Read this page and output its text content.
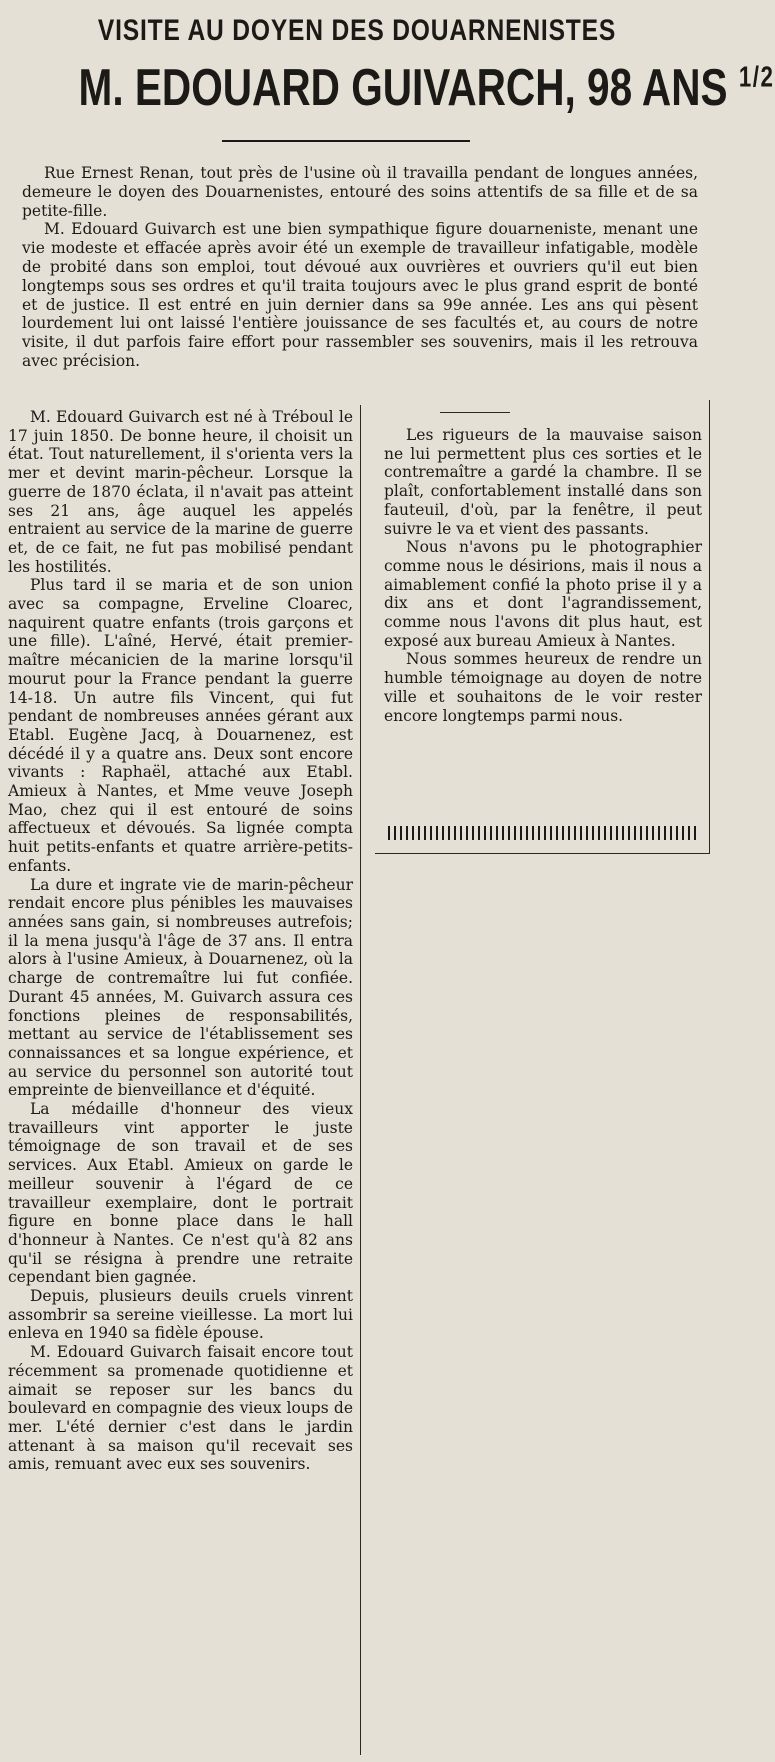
VISITE AU DOYEN DES DOUARNENISTES
M. EDOUARD GUIVARCH, 98 ANS $^{1/2}$

Rue Ernest Renan, tout près de l'usine où il travailla pendant de longues années, demeure le doyen des Douarnenistes, entouré des soins attentifs de sa fille et de sa petite-fille.

M. Edouard Guivarch est une bien sympathique figure douarneniste, menant une vie modeste et effacée après avoir été un exemple de travailleur infatigable, modèle de probité dans son emploi, tout dévoué aux ouvrières et ouvriers qu'il eut bien longtemps sous ses ordres et qu'il traita toujours avec le plus grand esprit de bonté et de justice. Il est entré en juin dernier dans sa 99e année. Les ans qui pèsent lourdement lui ont laissé l'entière jouissance de ses facultés et, au cours de notre visite, il dut parfois faire effort pour rassembler ses souvenirs, mais il les retrouva avec précision.

M. Edouard Guivarch est né à Tréboul le 17 juin 1850. De bonne heure, il choisit un état. Tout naturellement, il s'orienta vers la mer et devint marin-pêcheur. Lorsque la guerre de 1870 éclata, il n'avait pas atteint ses 21 ans, âge auquel les appelés entraient au service de la marine de guerre et, de ce fait, ne fut pas mobilisé pendant les hostilités.

Plus tard il se maria et de son union avec sa compagne, Erveline Cloarec, naquirent quatre enfants (trois garçons et une fille). L'aîné, Hervé, était premier-maître mécanicien de la marine lorsqu'il mourut pour la France pendant la guerre 14-18. Un autre fils Vincent, qui fut pendant de nombreuses années gérant aux Etabl. Eugène Jacq, à Douarnenez, est décédé il y a quatre ans. Deux sont encore vivants : Raphaël, attaché aux Etabl. Amieux à Nantes, et Mme veuve Joseph Mao, chez qui il est entouré de soins affectueux et dévoués. Sa lignée compta huit petits-enfants et quatre arrière-petits-enfants.

La dure et ingrate vie de marin-pêcheur rendait encore plus pénibles les mauvaises années sans gain, si nombreuses autrefois; il la mena jusqu'à l'âge de 37 ans. Il entra alors à l'usine Amieux, à Douarnenez, où la charge de contremaître lui fut confiée. Durant 45 années, M. Guivarch assura ces fonctions pleines de responsabilités, mettant au service de l'établissement ses connaissances et sa longue expérience, et au service du personnel son autorité tout empreinte de bienveillance et d'équité.

La médaille d'honneur des vieux travailleurs vint apporter le juste témoignage de son travail et de ses services. Aux Etabl. Amieux on garde le meilleur souvenir à l'égard de ce travailleur exemplaire, dont le portrait figure en bonne place dans le hall d'honneur à Nantes. Ce n'est qu'à 82 ans qu'il se résigna à prendre une retraite cependant bien gagnée.

Depuis, plusieurs deuils cruels vinrent assombrir sa sereine vieillesse. La mort lui enleva en 1940 sa fidèle épouse.

M. Edouard Guivarch faisait encore tout récemment sa promenade quotidienne et aimait se reposer sur les bancs du boulevard en compagnie des vieux loups de mer. L'été dernier c'est dans le jardin attenant à sa maison qu'il recevait ses amis, remuant avec eux ses souvenirs.

Les rigueurs de la mauvaise saison ne lui permettent plus ces sorties et le contremaître a gardé la chambre. Il se plaît, confortablement installé dans son fauteuil, d'où, par la fenêtre, il peut suivre le va et vient des passants.

Nous n'avons pu le photographier comme nous le désirions, mais il nous a aimablement confié la photo prise il y a dix ans et dont l'agrandissement, comme nous l'avons dit plus haut, est exposé aux bureau Amieux à Nantes.

Nous sommes heureux de rendre un humble témoignage au doyen de notre ville et souhaitons de le voir rester encore longtemps parmi nous.
